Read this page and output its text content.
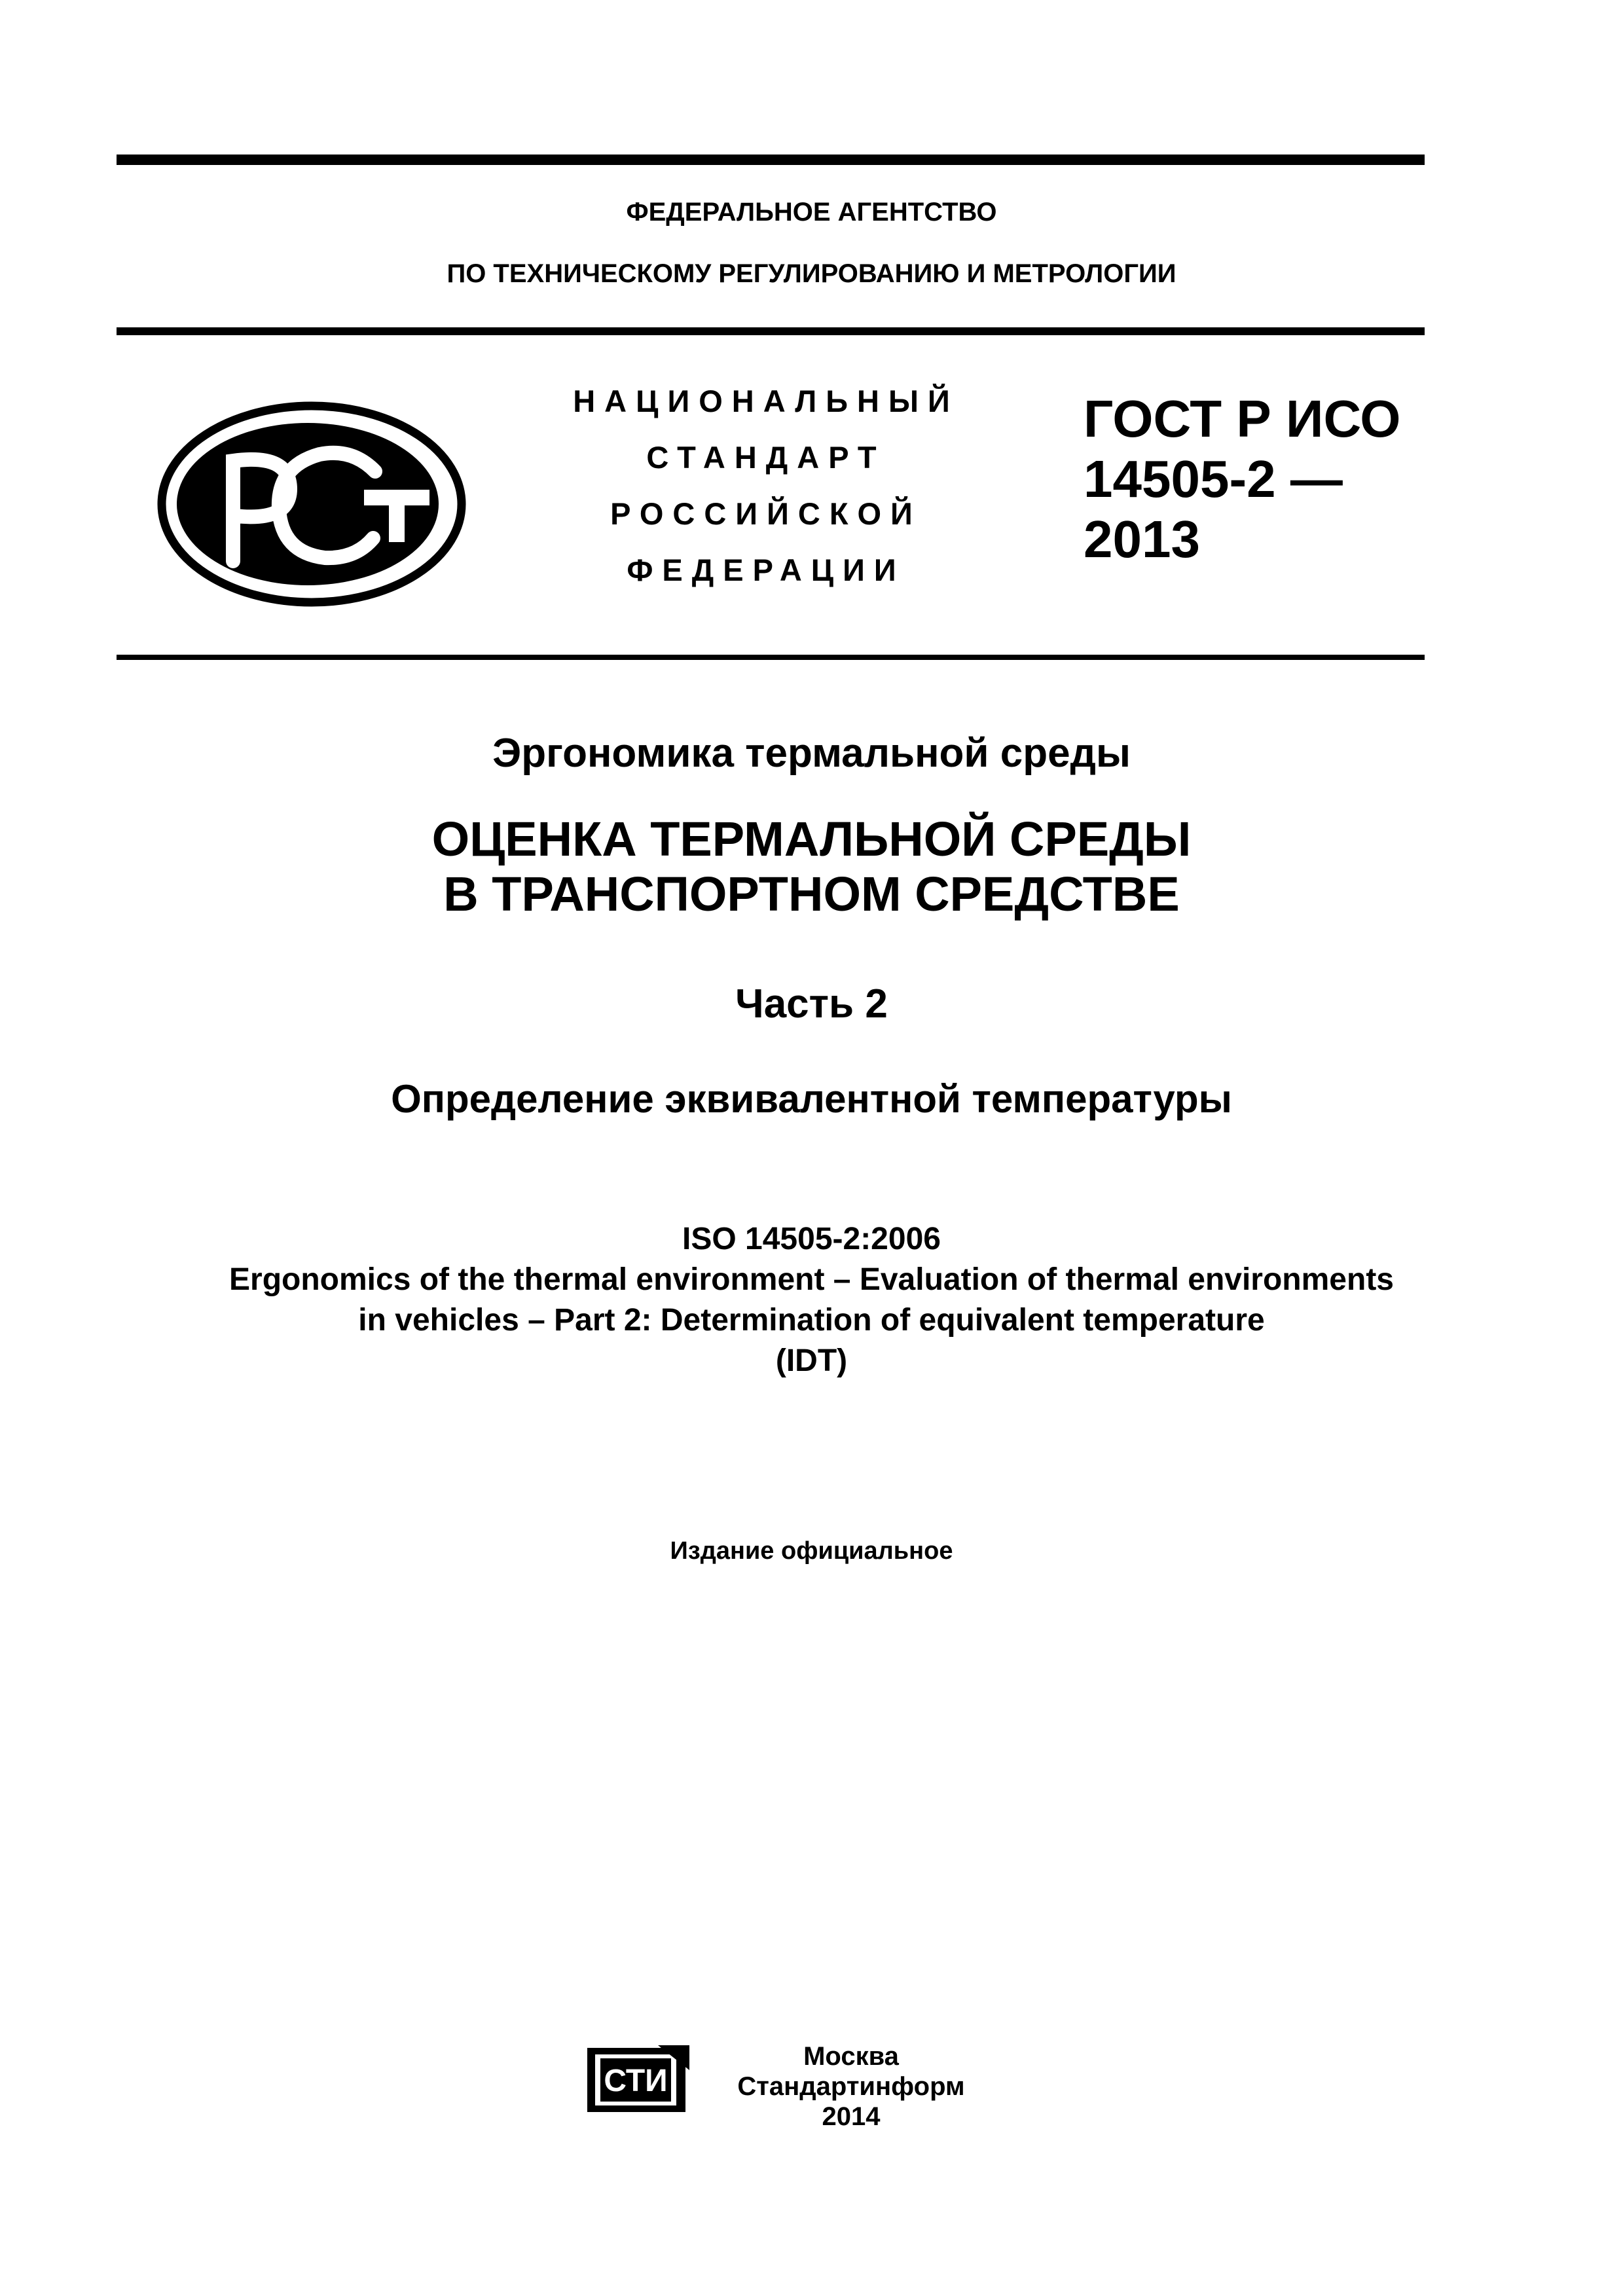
ФЕДЕРАЛЬНОЕ АГЕНТСТВО
ПО ТЕХНИЧЕСКОМУ РЕГУЛИРОВАНИЮ И МЕТРОЛОГИИ
НАЦИОНАЛЬНЫЙ
СТАНДАРТ
РОССИЙСКОЙ
ФЕДЕРАЦИИ
ГОСТ Р ИСО
14505-2 —
2013
Эргономика термальной среды
ОЦЕНКА ТЕРМАЛЬНОЙ СРЕДЫ
В ТРАНСПОРТНОМ СРЕДСТВЕ
Часть 2
Определение эквивалентной температуры
ISO 14505-2:2006
Ergonomics of the thermal environment – Evaluation of thermal environments
in vehicles – Part 2: Determination of equivalent temperature
(IDT)
Издание официальное
СТИ
Москва
Стандартинформ
2014
